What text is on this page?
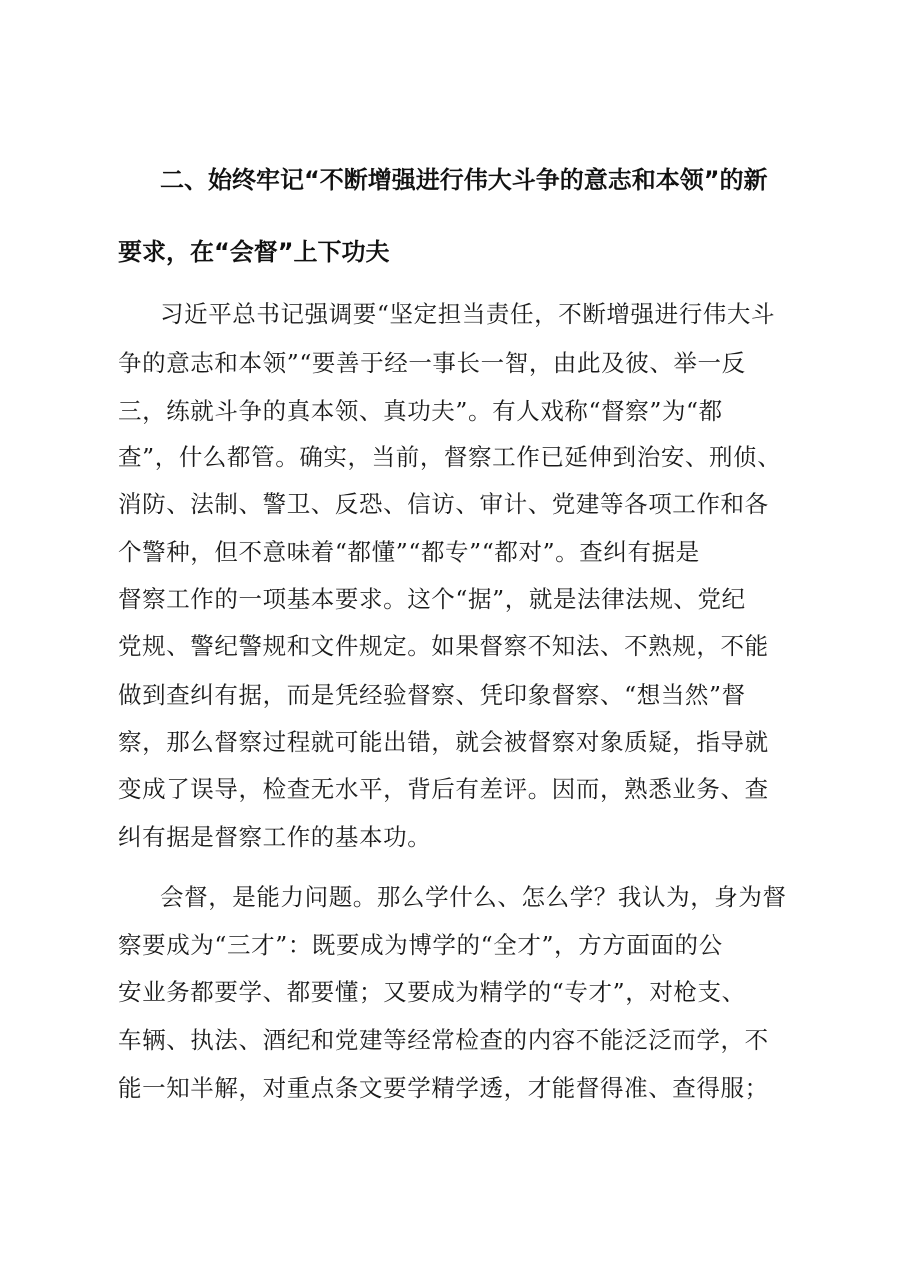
二、始终牢记“不断增强进行伟大斗争的意志和本领”的新
要求，在“会督”上下功夫
习近平总书记强调要“坚定担当责任，不断增强进行伟大斗
争的意志和本领”“要善于经一事长一智，由此及彼、举一反
三，练就斗争的真本领、真功夫”。有人戏称“督察”为“都
查”，什么都管。确实，当前，督察工作已延伸到治安、刑侦、
消防、法制、警卫、反恐、信访、审计、党建等各项工作和各
个警种，但不意味着“都懂”“都专”“都对”。查纠有据是
督察工作的一项基本要求。这个“据”，就是法律法规、党纪
党规、警纪警规和文件规定。如果督察不知法、不熟规，不能
做到查纠有据，而是凭经验督察、凭印象督察、“想当然”督
察，那么督察过程就可能出错，就会被督察对象质疑，指导就
变成了误导，检查无水平，背后有差评。因而，熟悉业务、查
纠有据是督察工作的基本功。
会督，是能力问题。那么学什么、怎么学？我认为，身为督
察要成为“三才”：既要成为博学的“全才”，方方面面的公
安业务都要学、都要懂；又要成为精学的“专才”，对枪支、
车辆、执法、酒纪和党建等经常检查的内容不能泛泛而学，不
能一知半解，对重点条文要学精学透，才能督得准、查得服；
